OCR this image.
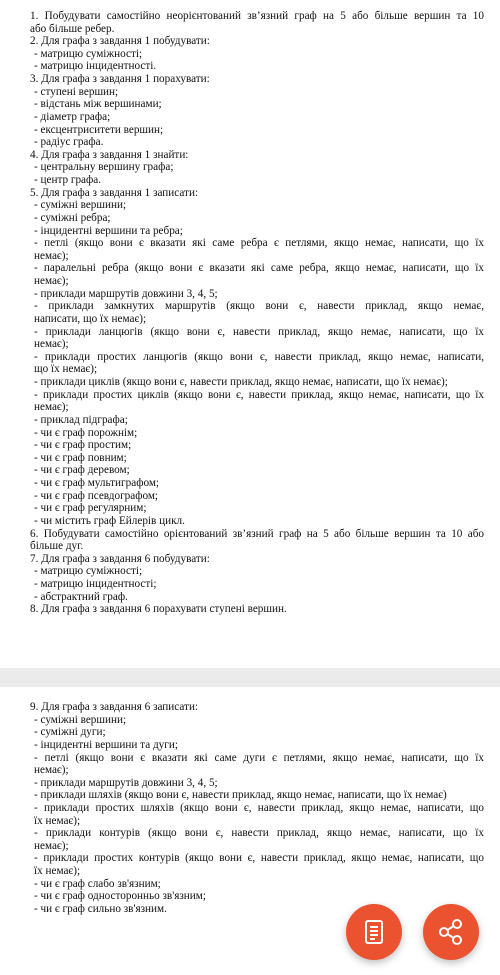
1. Побудувати самостійно неорієнтований зв’язний граф на 5 або більше вершин та 10
або більше ребер.
2. Для графа з завдання 1 побудувати:
- матрицю суміжності;
- матрицю інцидентності.
3. Для графа з завдання 1 порахувати:
- ступені вершин;
- відстань між вершинами;
- діаметр графа;
- ексцентриситети вершин;
- радіус графа.
4. Для графа з завдання 1 знайти:
- центральну вершину графа;
- центр графа.
5. Для графа з завдання 1 записати:
- суміжні вершини;
- суміжні ребра;
- інцидентні вершини та ребра;
- петлі (якщо вони є вказати які саме ребра є петлями, якщо немає, написати, що їх
немає);
- паралельні ребра (якщо вони є вказати які саме ребра, якщо немає, написати, що їх
немає);
- приклади маршрутів довжини 3, 4, 5;
- приклади замкнутих маршрутів (якщо вони є, навести приклад, якщо немає,
написати, що їх немає);
- приклади ланцюгів (якщо вони є, навести приклад, якщо немає, написати, що їх
немає);
- приклади простих ланцюгів (якщо вони є, навести приклад, якщо немає, написати,
що їх немає);
- приклади циклів (якщо вони є, навести приклад, якщо немає, написати, що їх немає);
- приклади простих циклів (якщо вони є, навести приклад, якщо немає, написати, що їх
немає);
- приклад підграфа;
- чи є граф порожнім;
- чи є граф простим;
- чи є граф повним;
- чи є граф деревом;
- чи є граф мультиграфом;
- чи є граф псевдографом;
- чи є граф регулярним;
- чи містить граф Ейлерів цикл.
6. Побудувати самостійно орієнтований зв’язний граф на 5 або більше вершин та 10 або
більше дуг.
7. Для графа з завдання 6 побудувати:
- матрицю суміжності;
- матрицю інцидентності;
- абстрактний граф.
8. Для графа з завдання 6 порахувати ступені вершин.
9. Для графа з завдання 6 записати:
- суміжні вершини;
- суміжні дуги;
- інцидентні вершини та дуги;
- петлі (якщо вони є вказати які саме дуги є петлями, якщо немає, написати, що їх
немає);
- приклади маршрутів довжини 3, 4, 5;
- приклади шляхів (якщо вони є, навести приклад, якщо немає, написати, що їх немає)
- приклади простих шляхів (якщо вони є, навести приклад, якщо немає, написати, що
їх немає);
- приклади контурів (якщо вони є, навести приклад, якщо немає, написати, що їх
немає);
- приклади простих контурів (якщо вони є, навести приклад, якщо немає, написати, що
їх немає);
- чи є граф слабо зв'язним;
- чи є граф односторонньо зв'язним;
- чи є граф сильно зв'язним.
